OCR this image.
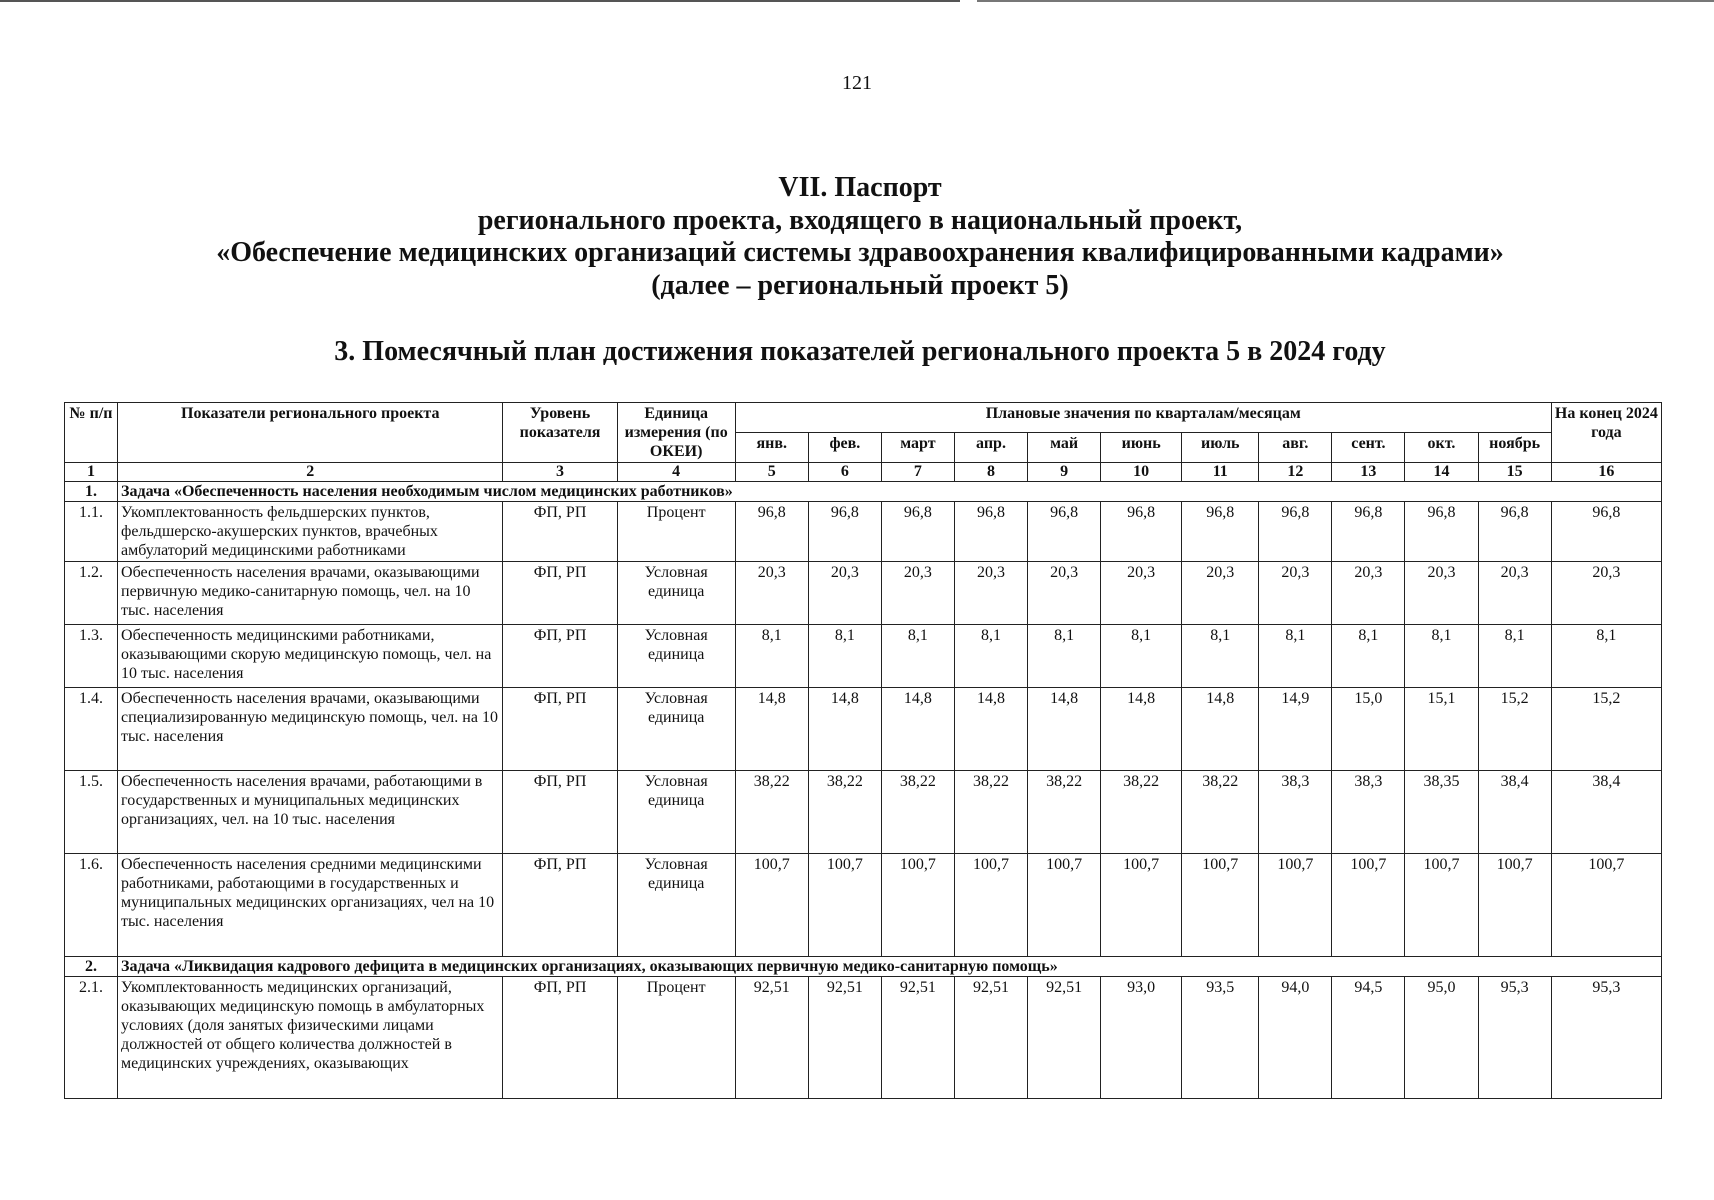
121
VII. Паспорт
регионального проекта, входящего в национальный проект,
«Обеспечение медицинских организаций системы здравоохранения квалифицированными кадрами»
(далее – региональный проект 5)
3. Помесячный план достижения показателей регионального проекта 5 в 2024 году
№ п/п	Показатели регионального проекта	Уровень показателя	Единица измерения (по ОКЕИ)	Плановые значения по кварталам/месяцам											На конец 2024 года
				янв.	фев.	март	апр.	май	июнь	июль	авг.	сент.	окт.	ноябрь	
1	2	3	4	5	6	7	8	9	10	11	12	13	14	15	16
1.	Задача «Обеспеченность населения необходимым числом медицинских работников»														
1.1.	Укомплектованность фельдшерских пунктов, фельдшерско-акушерских пунктов, врачебных амбулаторий медицинскими работниками	ФП, РП	Процент	96,8	96,8	96,8	96,8	96,8	96,8	96,8	96,8	96,8	96,8	96,8	96,8
1.2.	Обеспеченность населения врачами, оказывающими первичную медико-санитарную помощь, чел. на 10 тыс. населения	ФП, РП	Условная единица	20,3	20,3	20,3	20,3	20,3	20,3	20,3	20,3	20,3	20,3	20,3	20,3
1.3.	Обеспеченность медицинскими работниками, оказывающими скорую медицинскую помощь, чел. на 10 тыс. населения	ФП, РП	Условная единица	8,1	8,1	8,1	8,1	8,1	8,1	8,1	8,1	8,1	8,1	8,1	8,1
1.4.	Обеспеченность населения врачами, оказывающими специализированную медицинскую помощь, чел. на 10 тыс. населения	ФП, РП	Условная единица	14,8	14,8	14,8	14,8	14,8	14,8	14,8	14,9	15,0	15,1	15,2	15,2
1.5.	Обеспеченность населения врачами, работающими в государственных и муниципальных медицинских организациях, чел. на 10 тыс. населения	ФП, РП	Условная единица	38,22	38,22	38,22	38,22	38,22	38,22	38,22	38,3	38,3	38,35	38,4	38,4
1.6.	Обеспеченность населения средними медицинскими работниками, работающими в государственных и муниципальных медицинских организациях, чел на 10 тыс. населения	ФП, РП	Условная единица	100,7	100,7	100,7	100,7	100,7	100,7	100,7	100,7	100,7	100,7	100,7	100,7
2.	Задача «Ликвидация кадрового дефицита в медицинских организациях, оказывающих первичную медико-санитарную помощь»														
2.1.	Укомплектованность медицинских организаций, оказывающих медицинскую помощь в амбулаторных условиях (доля занятых физическими лицами должностей от общего количества должностей в медицинских учреждениях, оказывающих	ФП, РП	Процент	92,51	92,51	92,51	92,51	92,51	93,0	93,5	94,0	94,5	95,0	95,3	95,3
